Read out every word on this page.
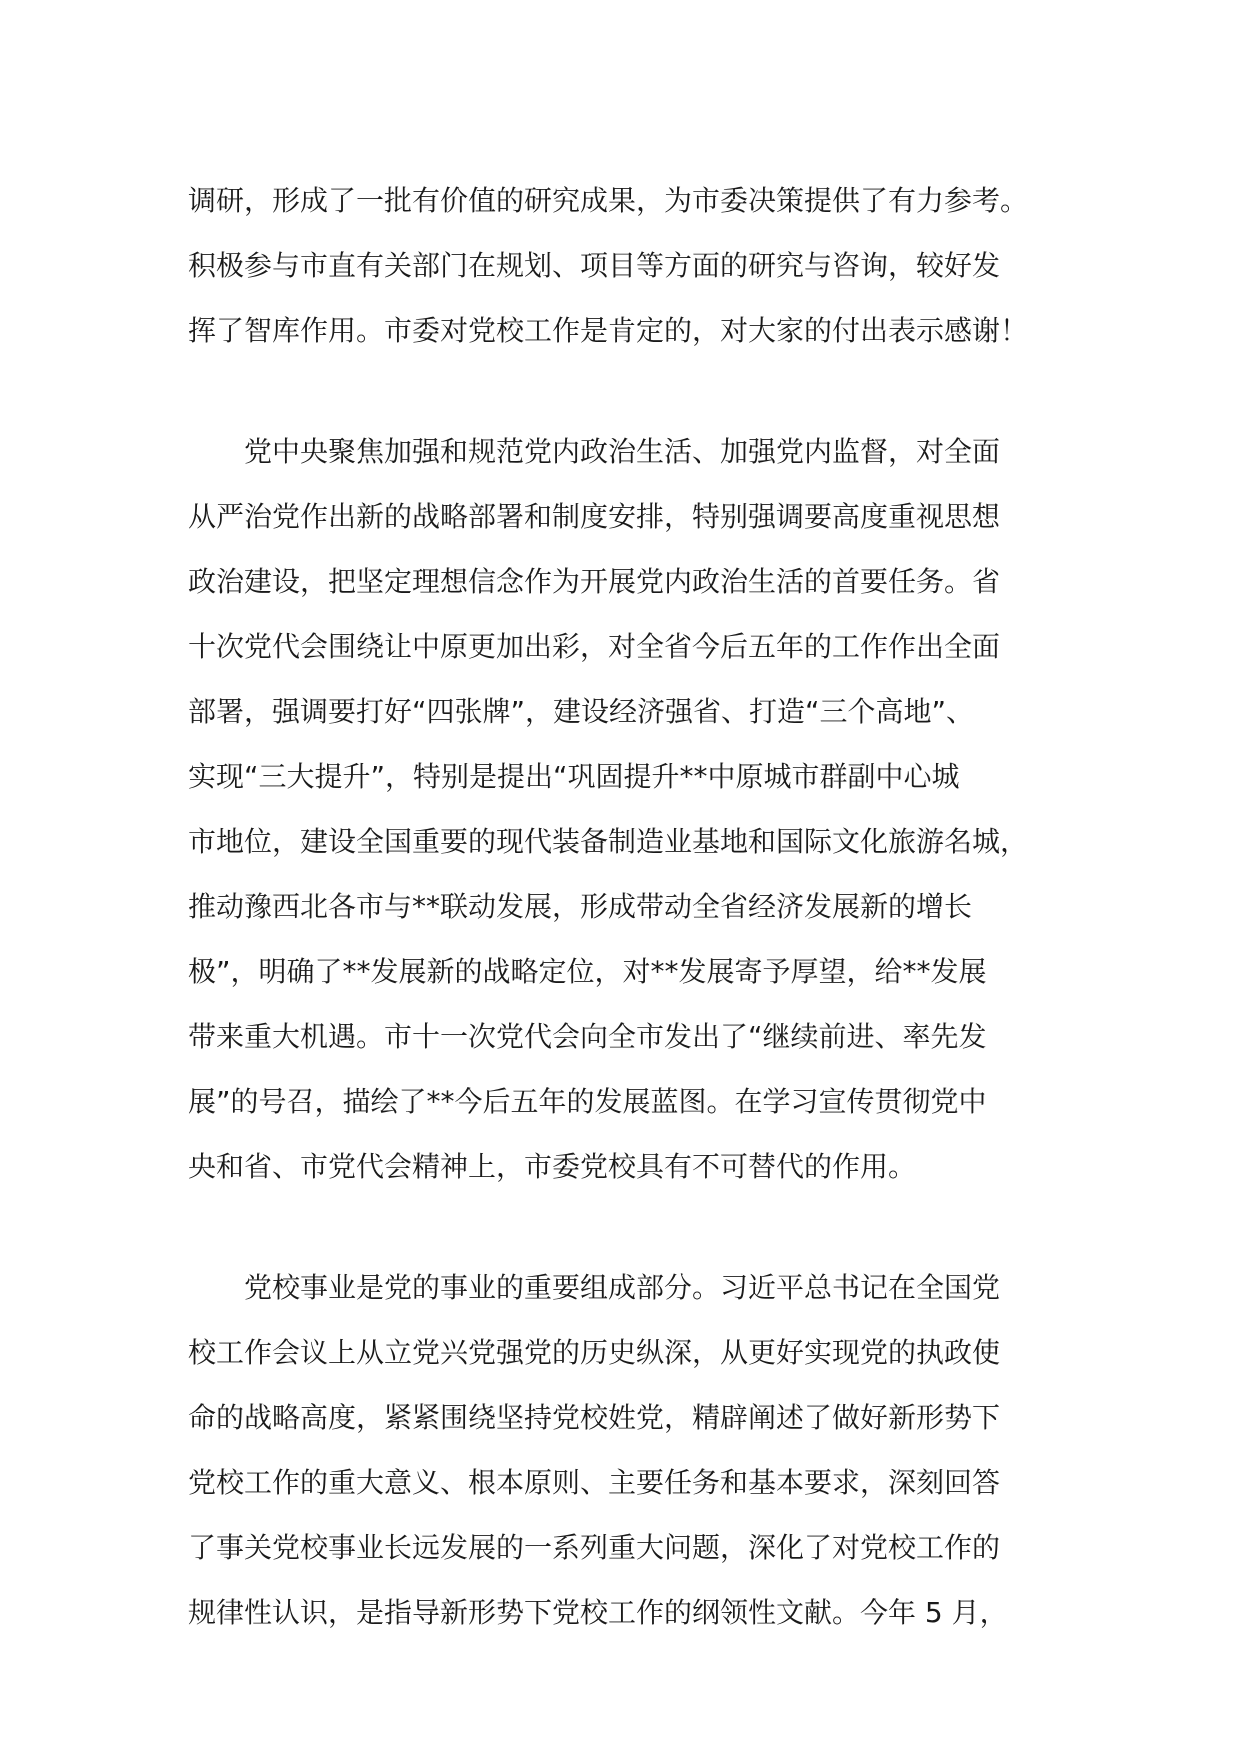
调研，形成了一批有价值的研究成果，为市委决策提供了有力参考。
积极参与市直有关部门在规划、项目等方面的研究与咨询，较好发
挥了智库作用。市委对党校工作是肯定的，对大家的付出表示感谢！
党中央聚焦加强和规范党内政治生活、加强党内监督，对全面
从严治党作出新的战略部署和制度安排，特别强调要高度重视思想
政治建设，把坚定理想信念作为开展党内政治生活的首要任务。省
十次党代会围绕让中原更加出彩，对全省今后五年的工作作出全面
部署，强调要打好“四张牌”，建设经济强省、打造“三个高地”、
实现“三大提升”，特别是提出“巩固提升**中原城市群副中心城
市地位，建设全国重要的现代装备制造业基地和国际文化旅游名城，
推动豫西北各市与**联动发展，形成带动全省经济发展新的增长
极”，明确了**发展新的战略定位，对**发展寄予厚望，给**发展
带来重大机遇。市十一次党代会向全市发出了“继续前进、率先发
展”的号召，描绘了**今后五年的发展蓝图。在学习宣传贯彻党中
央和省、市党代会精神上，市委党校具有不可替代的作用。
党校事业是党的事业的重要组成部分。习近平总书记在全国党
校工作会议上从立党兴党强党的历史纵深，从更好实现党的执政使
命的战略高度，紧紧围绕坚持党校姓党，精辟阐述了做好新形势下
党校工作的重大意义、根本原则、主要任务和基本要求，深刻回答
了事关党校事业长远发展的一系列重大问题，深化了对党校工作的
规律性认识，是指导新形势下党校工作的纲领性文献。今年 5 月，
